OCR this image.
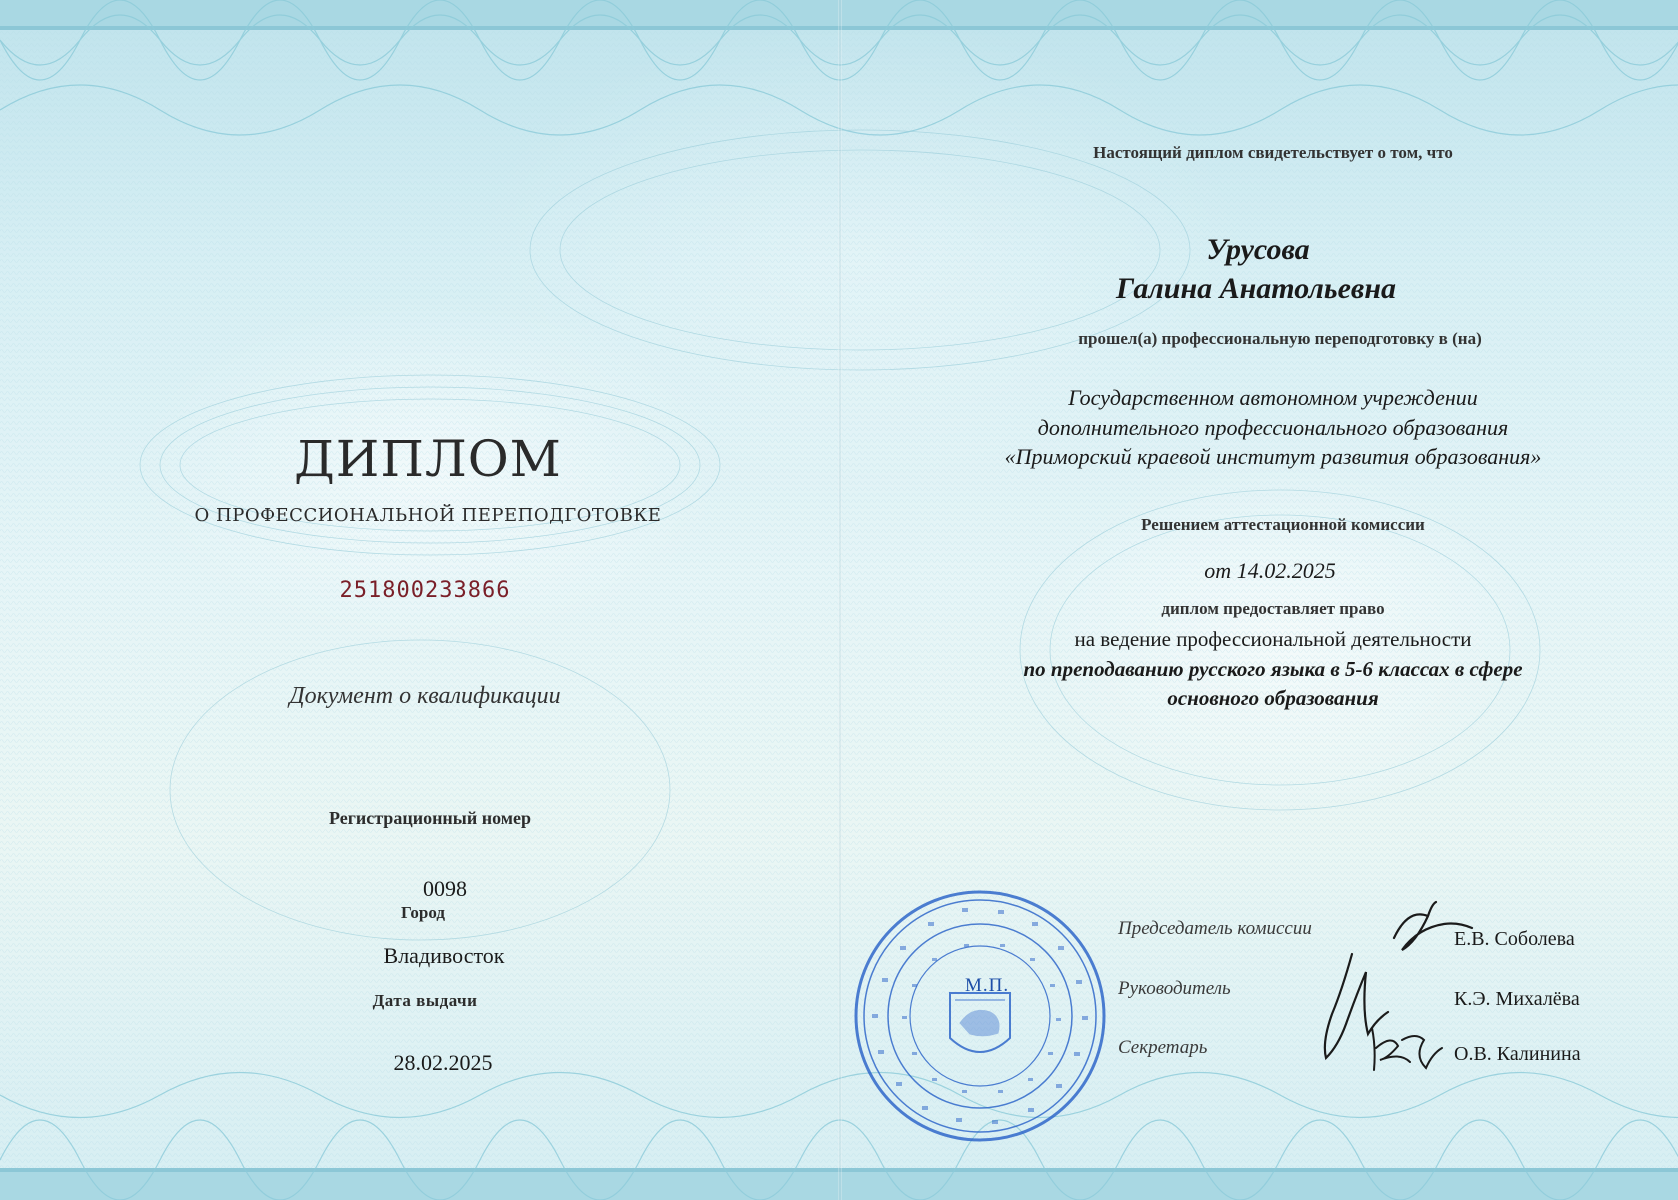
ДИПЛОМ
О ПРОФЕССИОНАЛЬНОЙ ПЕРЕПОДГОТОВКЕ
251800233866
Документ о квалификации
Регистрационный номер
0098
Город
Владивосток
Дата выдачи
28.02.2025
Настоящий диплом свидетельствует о том, что
Урусова
Галина Анатольевна
прошел(а) профессиональную переподготовку в (на)
Государственном автономном учреждении
дополнительного профессионального образования
«Приморский краевой институт развития образования»
Решением аттестационной комиссии
от 14.02.2025
диплом предоставляет право
на ведение профессиональной деятельности
по преподаванию русского языка в 5-6 классах в сфере
основного образования
М.П.
Председатель комиссии
Руководитель
Секретарь
Е.В. Соболева
К.Э. Михалёва
О.В. Калинина
